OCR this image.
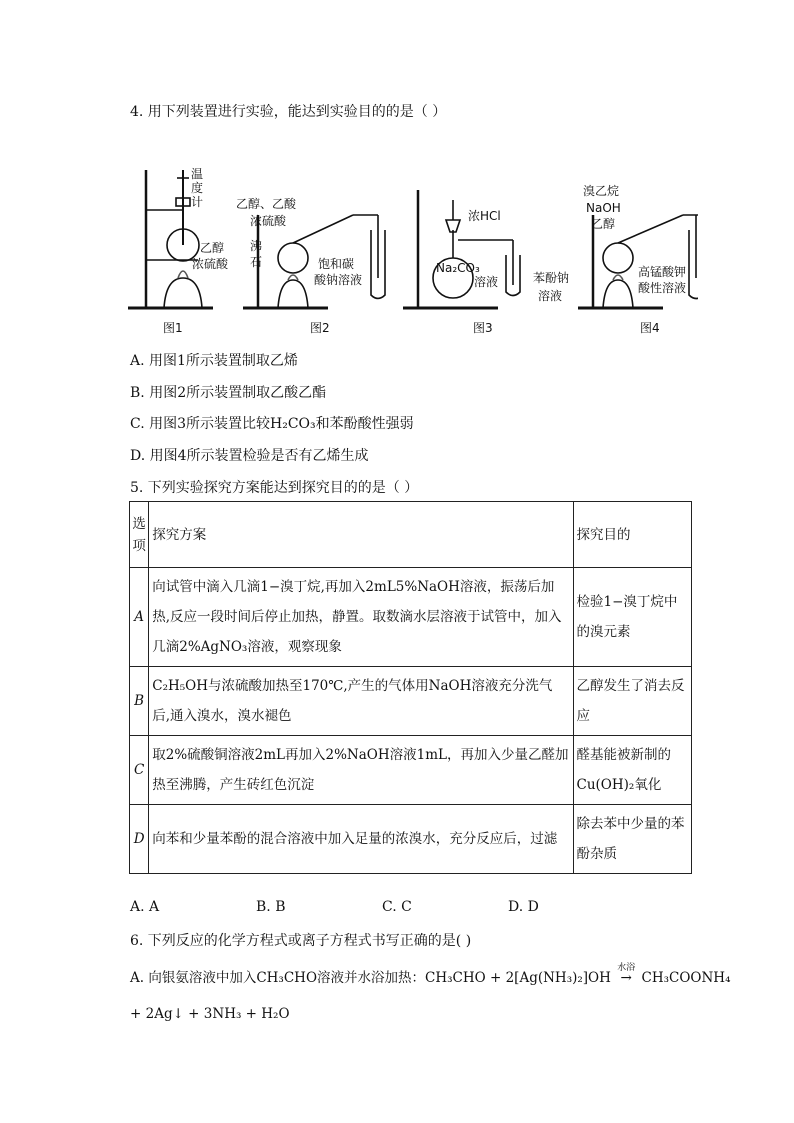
4. 用下列装置进行实验，能达到实验目的的是（ ）
温
度
计
乙醇
浓硫酸
乙醇、乙酸
浓硫酸
沸
石	饱和碳
酸钠溶液
浓HCl
Na₂CO₃
溶液	苯酚钠
溶液
溴乙烷
NaOH
乙醇
高锰酸钾
酸性溶液
图1	图2	图3	图4
A. 用图1所示装置制取乙烯
B. 用图2所示装置制取乙酸乙酯
C. 用图3所示装置比较H₂CO₃和苯酚酸性强弱
D. 用图4所示装置检验是否有乙烯生成
5. 下列实验探究方案能达到探究目的的是（ ）
选项	探究方案	探究目的
A	向试管中滴入几滴1−溴丁烷,再加入2mL5%NaOH溶液，振荡后加热,反应一段时间后停止加热，静置。取数滴水层溶液于试管中，加入几滴2%AgNO₃溶液，观察现象	检验1−溴丁烷中的溴元素
B	C₂H₅OH与浓硫酸加热至170℃,产生的气体用NaOH溶液充分洗气后,通入溴水，溴水褪色	乙醇发生了消去反应
C	取2%硫酸铜溶液2mL再加入2%NaOH溶液1mL，再加入少量乙醛加热至沸腾，产生砖红色沉淀	醛基能被新制的Cu(OH)₂氧化
D	向苯和少量苯酚的混合溶液中加入足量的浓溴水，充分反应后，过滤	除去苯中少量的苯酚杂质
A. A	B. B	C. C	D. D
6. 下列反应的化学方程式或离子方程式书写正确的是( )
A. 向银氨溶液中加入CH₃CHO溶液并水浴加热：CH₃CHO + 2[Ag(NH₃)₂]OH
水浴
→ CH₃COONH₄
+ 2Ag↓ + 3NH₃ + H₂O
